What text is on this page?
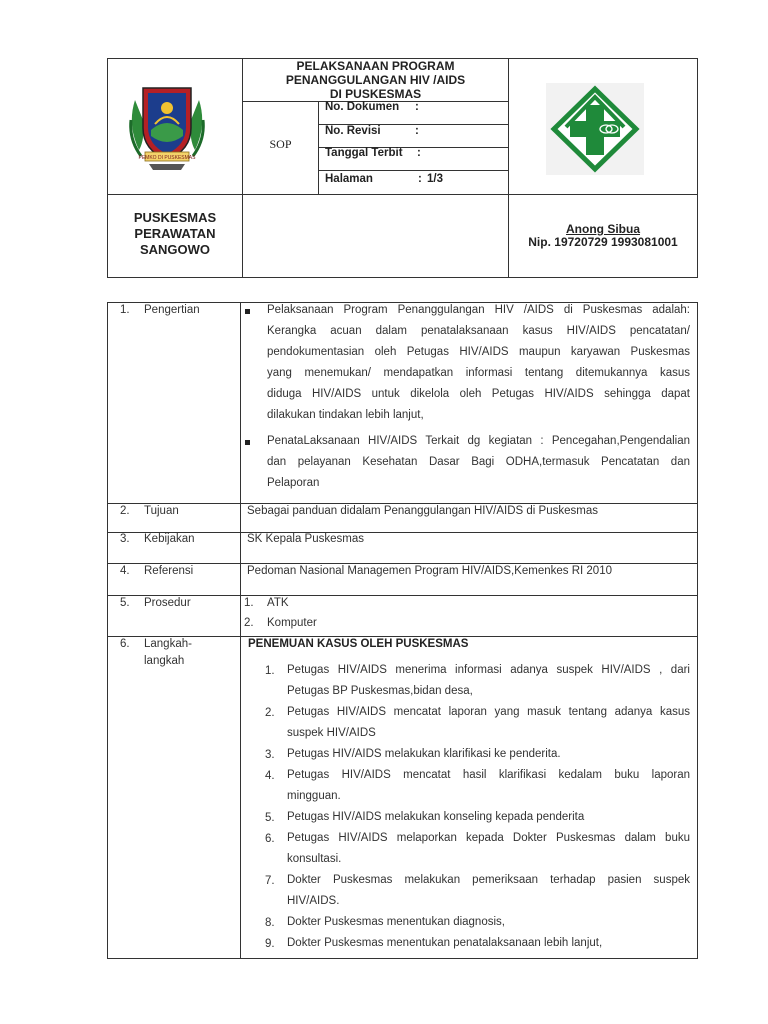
PEMKO DI PUSKESMAS
PELAKSANAAN PROGRAM
PENANGGULANGAN HIV /AIDS
DI PUSKESMAS
SOP
No. Dokumen :
No. Revisi	:
Tanggal Terbit :
Halaman	: 1/3
PUSKESMAS
PERAWATAN
SANGOWO
Anong Sibua
Nip. 19720729 1993081001
1. Pengertian	Pelaksanaan Program Penanggulangan HIV /AIDS di Puskesmas adalah:
Kerangka acuan dalam penatalaksanaan kasus HIV/AIDS pencatatan/
pendokumentasian oleh Petugas HIV/AIDS maupun karyawan Puskesmas
yang menemukan/ mendapatkan informasi tentang ditemukannya kasus
diduga HIV/AIDS untuk dikelola oleh Petugas HIV/AIDS sehingga dapat
dilakukan tindakan lebih lanjut,
PenataLaksanaan HIV/AIDS Terkait dg kegiatan : Pencegahan,Pengendalian
dan pelayanan Kesehatan Dasar Bagi ODHA,termasuk Pencatatan dan
Pelaporan
2. Tujuan	Sebagai panduan didalam Penanggulangan HIV/AIDS di Puskesmas
3. Kebijakan	SK Kepala Puskesmas
4. Referensi	Pedoman Nasional Managemen Program HIV/AIDS,Kemenkes RI 2010
5. Prosedur	1. ATK
2. Komputer
6. Langkah-
langkah
PENEMUAN KASUS OLEH PUSKESMAS
1. Petugas HIV/AIDS menerima informasi adanya suspek HIV/AIDS , dari
Petugas BP Puskesmas,bidan desa,
2. Petugas HIV/AIDS mencatat laporan yang masuk tentang adanya kasus
suspek HIV/AIDS
3. Petugas HIV/AIDS melakukan klarifikasi ke penderita.
4. Petugas HIV/AIDS mencatat hasil klarifikasi kedalam buku laporan
mingguan.
5. Petugas HIV/AIDS melakukan konseling kepada penderita
6. Petugas HIV/AIDS melaporkan kepada Dokter Puskesmas dalam buku
konsultasi.
7. Dokter Puskesmas melakukan pemeriksaan terhadap pasien suspek
HIV/AIDS.
8. Dokter Puskesmas menentukan diagnosis,
9. Dokter Puskesmas menentukan penatalaksanaan lebih lanjut,
